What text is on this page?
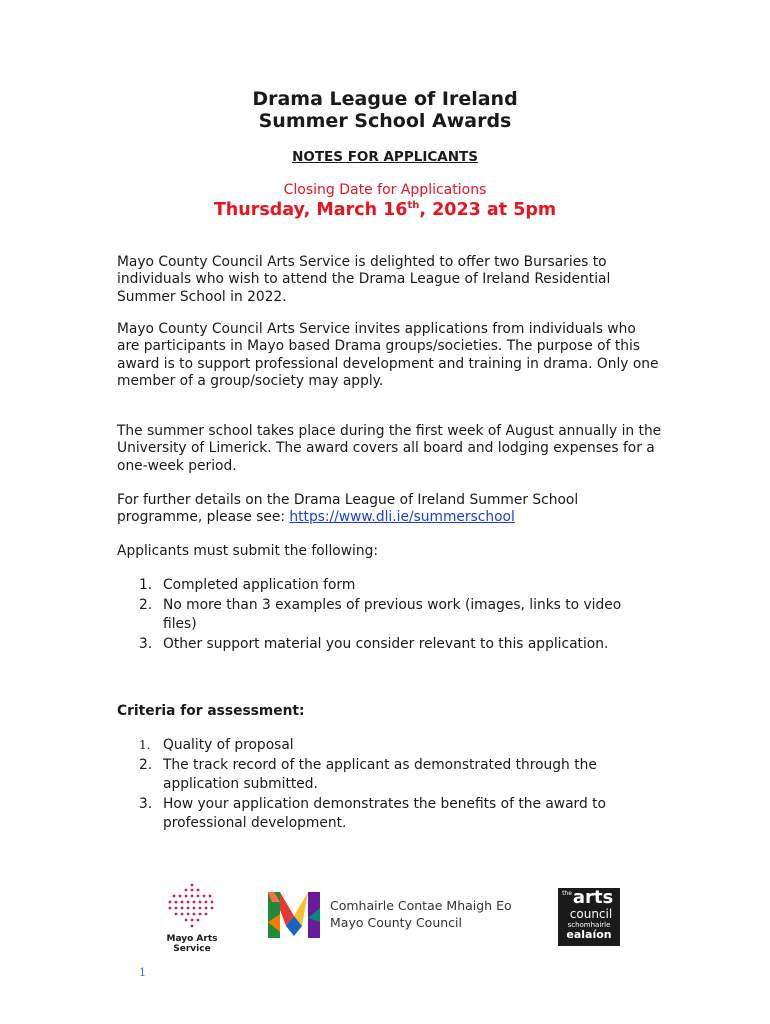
Drama League of Ireland
Summer School Awards
NOTES FOR APPLICANTS
Closing Date for Applications
Thursday, March 16th, 2023 at 5pm

Mayo County Council Arts Service is delighted to offer two Bursaries to individuals who wish to attend the Drama League of Ireland Residential Summer School in 2022.

Mayo County Council Arts Service invites applications from individuals who are participants in Mayo based Drama groups/societies. The purpose of this award is to support professional development and training in drama. Only one member of a group/society may apply.

The summer school takes place during the first week of August annually in the University of Limerick. The award covers all board and lodging expenses for a one-week period.

For further details on the Drama League of Ireland Summer School programme, please see: https://www.dli.ie/summerschool

Applicants must submit the following:

1. Completed application form
2. No more than 3 examples of previous work (images, links to video files)
3. Other support material you consider relevant to this application.
Criteria for assessment:
1. Quality of proposal
2. The track record of the applicant as demonstrated through the application submitted.
3. How your application demonstrates the benefits of the award to professional development.
Mayo Arts
Service
Comhairle Contae Mhaigh Eo
Mayo County Council
the arts
council
schomhairle
ealaíon
1
